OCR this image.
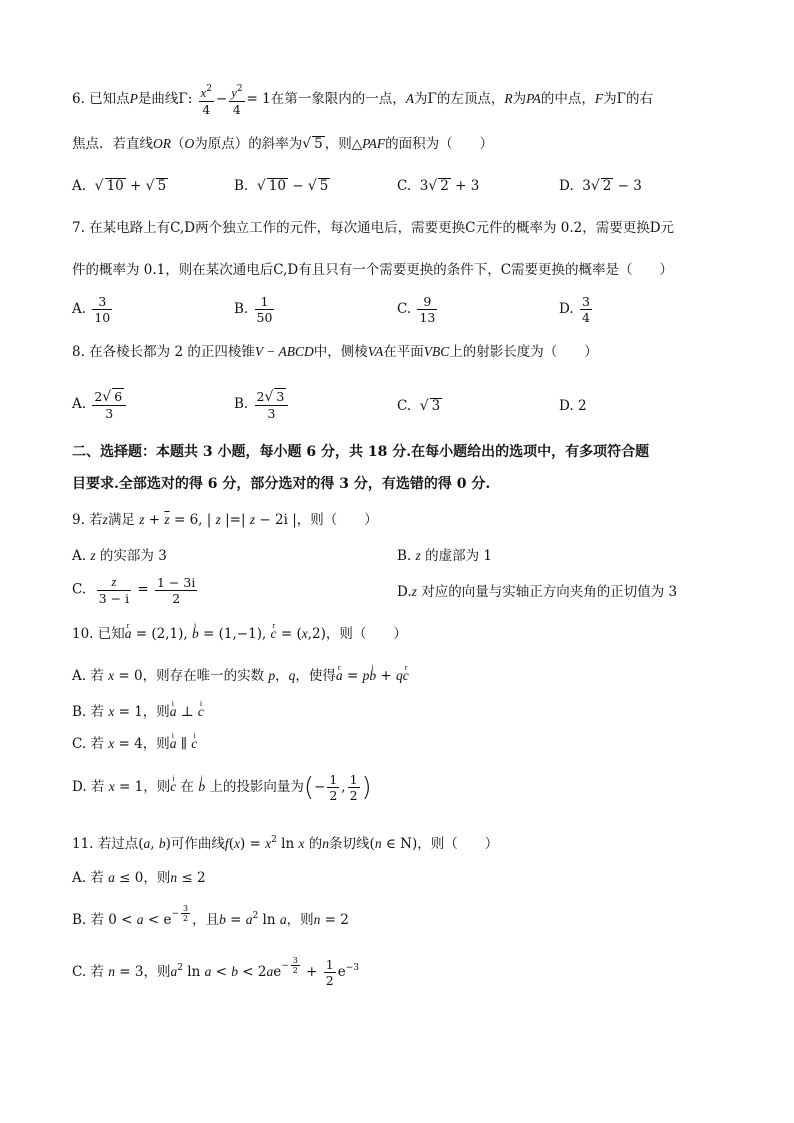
6. 已知点P是曲线Γ: $\frac{x^2}{4} - \frac{y^2}{4} = 1$在第一象限内的一点，A为Γ的左顶点，R为PA的中点，F为Γ的右
焦点．若直线OR（O为原点）的斜率为√ 5 ，则△PAF的面积为（　　）
A. √ 10 + √ 5	B. √ 10 − √ 5	C.  3√ 2 + 3	D.  3√ 2 − 3
7. 在某电路上有C,D两个独立工作的元件，每次通电后，需要更换C元件的概率为 0.2，需要更换D元
件的概率为 0.1，则在某次通电后C,D有且只有一个需要更换的条件下，C需要更换的概率是（　　）
A. $\frac{3}{10}$	B. $\frac{1}{50}$	C. $\frac{9}{13}$	D. $\frac{3}{4}$
8. 在各棱长都为 2 的正四棱锥V − ABCD中，侧棱VA在平面VBC上的射影长度为（　　）
A. $\frac{2√ 6}{3}$	B. $\frac{2√ 3}{3}$	C. √ 3	D. 2
二、选择题：本题共 3 小题，每小题 6 分，共 18 分.在每小题给出的选项中，有多项符合题
目要求.全部选对的得 6 分，部分选对的得 3 分，有选错的得 0 分.
9. 若z满足 $z + \overline{z} = 6$, | z |=| z − 2i |，则（　　）
A. z 的实部为 3	B. z 的虚部为 1
C. $\frac{z}{3 - i} = \frac{1 - 3i}{2}$	D.z 对应的向量与实轴正方向夹角的正切值为 3
10. 已知r a = (2,1), i b = (1,−1), r c = (x,2)，则（　　）
A. 若 x = 0，则存在唯一的实数 p，q，使得r a = pi b + qr c
B. 若 x = 1，则i a ⊥ i c
C. 若 x = 4，则i a ∥ i c
D. 若 x = 1，则i c 在 i b 上的投影向量为(− $\frac{1}{2}$ , $\frac{1}{2}$ )
11. 若过点(a, b)可作曲线$f(x) = x^2$ ln x 的n条切线(n ∈ N)，则（　　）
A. 若 a ≤ 0，则n ≤ 2
B. 若 $0 < a < e^{- \frac{3}{2}}$ ，且$b = a^2$ ln a，则n = 2
C. 若 n = 3，则$a^2$ $\ln a < b < 2ae^{- \frac{3}{2}} + \frac{1}{2} e^{-3}$
